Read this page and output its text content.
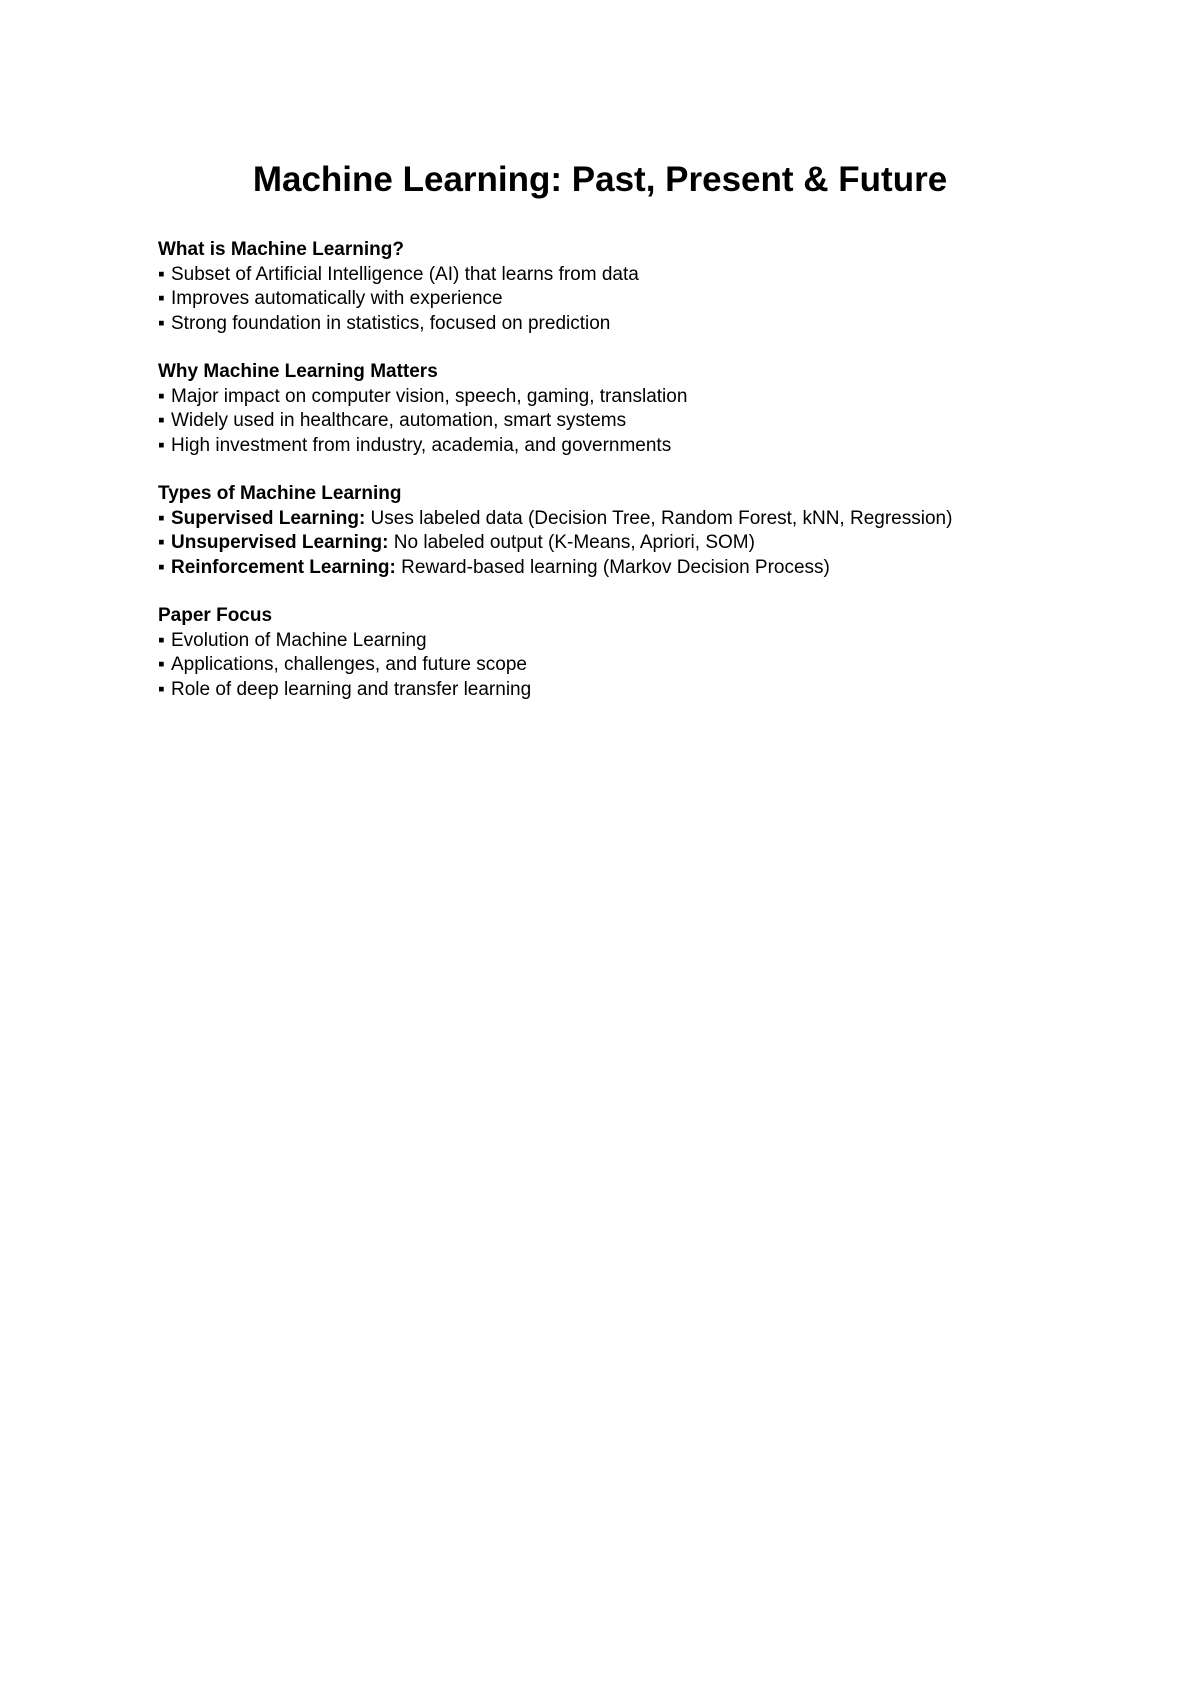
Machine Learning: Past, Present & Future
What is Machine Learning?
▪ Subset of Artificial Intelligence (AI) that learns from data
▪ Improves automatically with experience
▪ Strong foundation in statistics, focused on prediction
Why Machine Learning Matters
▪ Major impact on computer vision, speech, gaming, translation
▪ Widely used in healthcare, automation, smart systems
▪ High investment from industry, academia, and governments
Types of Machine Learning
▪ Supervised Learning: Uses labeled data (Decision Tree, Random Forest, kNN, Regression)
▪ Unsupervised Learning: No labeled output (K-Means, Apriori, SOM)
▪ Reinforcement Learning: Reward-based learning (Markov Decision Process)
Paper Focus
▪ Evolution of Machine Learning
▪ Applications, challenges, and future scope
▪ Role of deep learning and transfer learning
